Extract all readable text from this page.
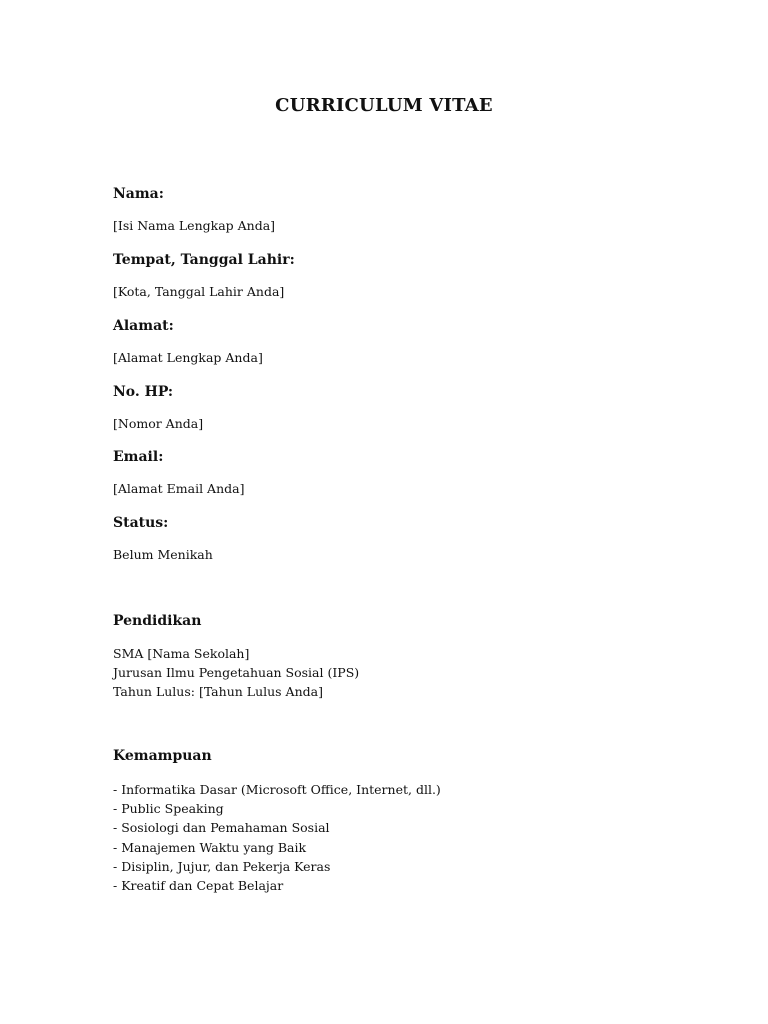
CURRICULUM VITAE
Nama:
[Isi Nama Lengkap Anda]
Tempat, Tanggal Lahir:
[Kota, Tanggal Lahir Anda]
Alamat:
[Alamat Lengkap Anda]
No. HP:
[Nomor Anda]
Email:
[Alamat Email Anda]
Status:
Belum Menikah
Pendidikan
SMA [Nama Sekolah]
Jurusan Ilmu Pengetahuan Sosial (IPS)
Tahun Lulus: [Tahun Lulus Anda]
Kemampuan
- Informatika Dasar (Microsoft Office, Internet, dll.)
- Public Speaking
- Sosiologi dan Pemahaman Sosial
- Manajemen Waktu yang Baik
- Disiplin, Jujur, dan Pekerja Keras
- Kreatif dan Cepat Belajar
